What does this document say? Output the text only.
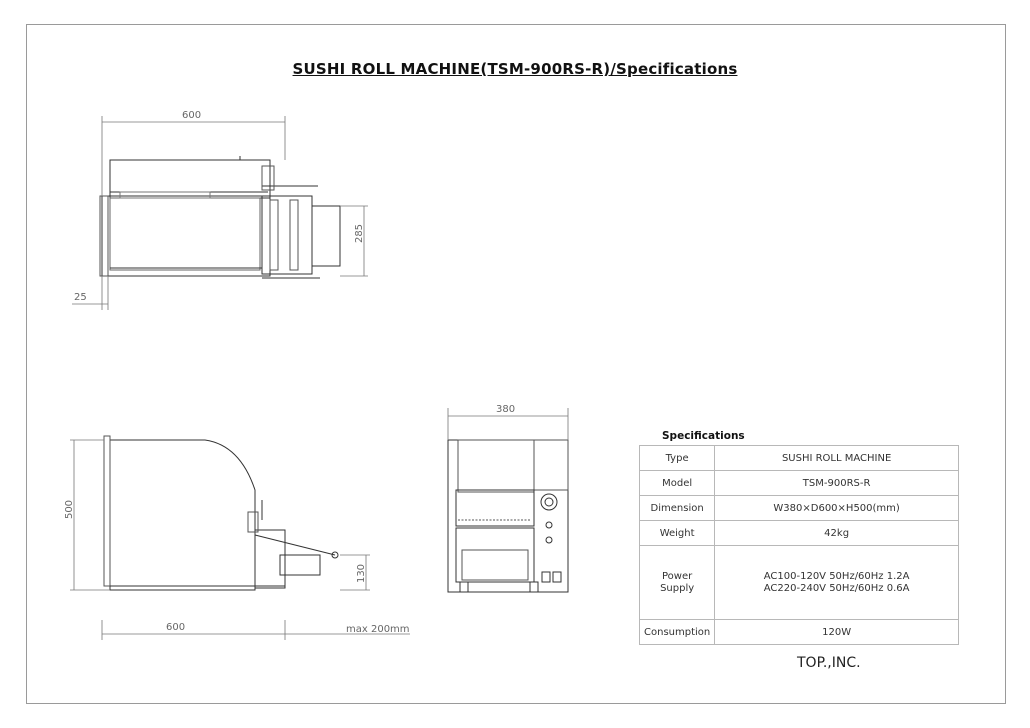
SUSHI ROLL MACHINE(TSM-900RS-R)/Specifications
600
285
25
500
600
130
max 200mm
380
Specifications
Type	SUSHI ROLL MACHINE
Model	TSM-900RS-R
Dimension	W380×D600×H500(mm)
Weight	42kg
Power
Supply	AC100-120V 50Hz/60Hz 1.2A
AC220-240V 50Hz/60Hz 0.6A
Consumption	120W
TOP.,INC.
